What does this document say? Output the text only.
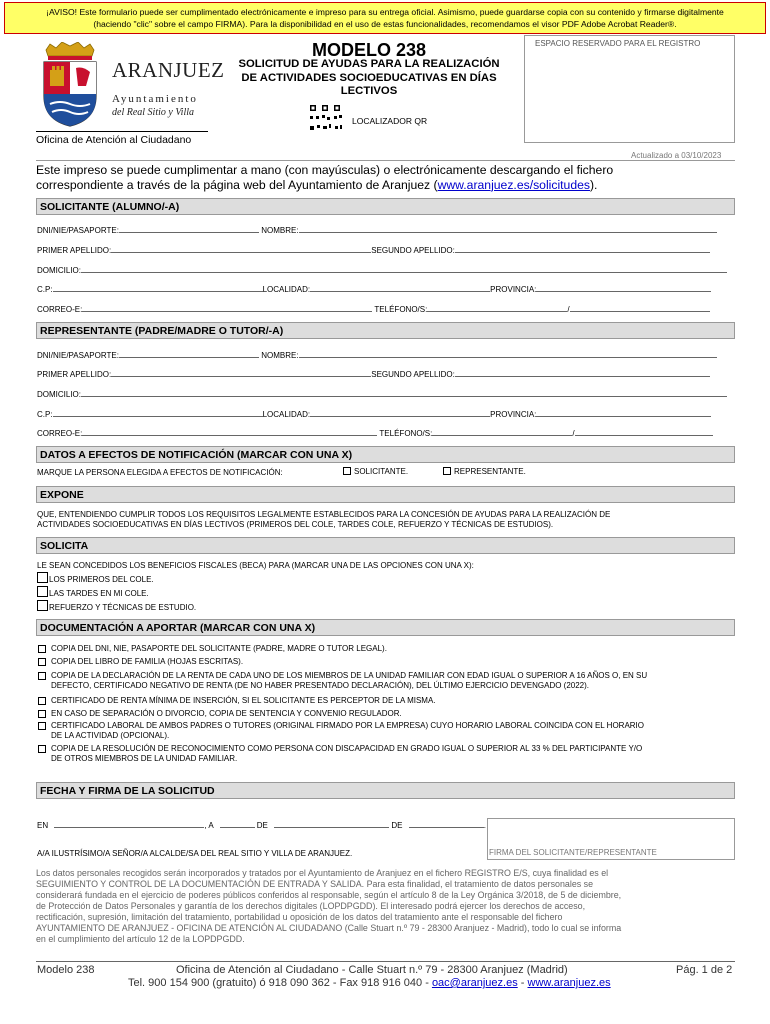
¡AVISO! Este formulario puede ser cumplimentado electrónicamente e impreso para su entrega oficial. Asimismo, puede guardarse copia con su contenido y firmarse digitalmente
(haciendo "clic" sobre el campo FIRMA). Para la disponibilidad en el uso de estas funcionalidades, recomendamos el visor PDF Adobe Acrobat Reader®.
ARANJUEZ
Ayuntamiento
del Real Sitio y Villa
Oficina de Atención al Ciudadano
MODELO 238
SOLICITUD DE AYUDAS PARA LA REALIZACIÓN
DE ACTIVIDADES SOCIOEDUCATIVAS EN DÍAS
LECTIVOS
LOCALIZADOR QR
ESPACIO RESERVADO PARA EL REGISTRO
Actualizado a 03/10/2023
Este impreso se puede cumplimentar a mano (con mayúsculas) o electrónicamente descargando el fichero
correspondiente a través de la página web del Ayuntamiento de Aranjuez (www.aranjuez.es/solicitudes).
SOLICITANTE (ALUMNO/-A)
DNI/NIE/PASAPORTE:	NOMBRE:
PRIMER APELLIDO:	SEGUNDO APELLIDO:
DOMICILIO:
C.P:	LOCALIDAD:	PROVINCIA:
CORREO-E:	TELÉFONO/S:	/
REPRESENTANTE (PADRE/MADRE O TUTOR/-A)
DNI/NIE/PASAPORTE:	NOMBRE:
PRIMER APELLIDO:	SEGUNDO APELLIDO:
DOMICILIO:
C.P:	LOCALIDAD:	PROVINCIA:
CORREO-E:	TELÉFONO/S:	/
DATOS A EFECTOS DE NOTIFICACIÓN (MARCAR CON UNA X)
MARQUE LA PERSONA ELEGIDA A EFECTOS DE NOTIFICACIÓN:	SOLICITANTE.	REPRESENTANTE.
EXPONE
QUE, ENTENDIENDO CUMPLIR TODOS LOS REQUISITOS LEGALMENTE ESTABLECIDOS PARA LA CONCESIÓN DE AYUDAS PARA LA REALIZACIÓN DE
ACTIVIDADES SOCIOEDUCATIVAS EN DÍAS LECTIVOS (PRIMEROS DEL COLE, TARDES COLE, REFUERZO Y TÉCNICAS DE ESTUDIOS).
SOLICITA
LE SEAN CONCEDIDOS LOS BENEFICIOS FISCALES (BECA) PARA (MARCAR UNA DE LAS OPCIONES CON UNA X):
LOS PRIMEROS DEL COLE.
LAS TARDES EN MI COLE.
REFUERZO Y TÉCNICAS DE ESTUDIO.
DOCUMENTACIÓN A APORTAR (MARCAR CON UNA X)
COPIA DEL DNI, NIE, PASAPORTE DEL SOLICITANTE (PADRE, MADRE O TUTOR LEGAL).
COPIA DEL LIBRO DE FAMILIA (HOJAS ESCRITAS).
COPIA DE LA DECLARACIÓN DE LA RENTA DE CADA UNO DE LOS MIEMBROS DE LA UNIDAD FAMILIAR CON EDAD IGUAL O SUPERIOR A 16 AÑOS O, EN SU
DEFECTO, CERTIFICADO NEGATIVO DE RENTA (DE NO HABER PRESENTADO DECLARACIÓN), DEL ÚLTIMO EJERCICIO DEVENGADO (2022).
CERTIFICADO DE RENTA MÍNIMA DE INSERCIÓN, SI EL SOLICITANTE ES PERCEPTOR DE LA MISMA.
EN CASO DE SEPARACIÓN O DIVORCIO, COPIA DE SENTENCIA Y CONVENIO REGULADOR.
CERTIFICADO LABORAL DE AMBOS PADRES O TUTORES (ORIGINAL FIRMADO POR LA EMPRESA) CUYO HORARIO LABORAL COINCIDA CON EL HORARIO
DE LA ACTIVIDAD (OPCIONAL).
COPIA DE LA RESOLUCIÓN DE RECONOCIMIENTO COMO PERSONA CON DISCAPACIDAD EN GRADO IGUAL O SUPERIOR AL 33 % DEL PARTICIPANTE Y/O
DE OTROS MIEMBROS DE LA UNIDAD FAMILIAR.
FECHA Y FIRMA DE LA SOLICITUD
EN	, A	DE	DE	.
A/A ILUSTRÍSIMO/A SEÑOR/A ALCALDE/SA DEL REAL SITIO Y VILLA DE ARANJUEZ.	FIRMA DEL SOLICITANTE/REPRESENTANTE
Los datos personales recogidos serán incorporados y tratados por el Ayuntamiento de Aranjuez en el fichero REGISTRO E/S, cuya finalidad es el
SEGUIMIENTO Y CONTROL DE LA DOCUMENTACIÓN DE ENTRADA Y SALIDA. Para esta finalidad, el tratamiento de datos personales se
considerará fundada en el ejercicio de poderes públicos conferidos al responsable, según el artículo 8 de la Ley Orgánica 3/2018, de 5 de diciembre,
de Protección de Datos Personales y garantía de los derechos digitales (LOPDPGDD). El interesado podrá ejercer los derechos de acceso,
rectificación, supresión, limitación del tratamiento, portabilidad u oposición de los datos del tratamiento ante el responsable del fichero
AYUNTAMIENTO DE ARANJUEZ - OFICINA DE ATENCIÓN AL CIUDADANO (Calle Stuart n.º 79 - 28300 Aranjuez - Madrid), todo lo cual se informa
en el cumplimiento del artículo 12 de la LOPDPGDD.
Modelo 238	Oficina de Atención al Ciudadano - Calle Stuart n.º 79 - 28300 Aranjuez (Madrid)	Pág. 1 de 2
Tel. 900 154 900 (gratuito) ó 918 090 362 - Fax 918 916 040 - oac@aranjuez.es - www.aranjuez.es
